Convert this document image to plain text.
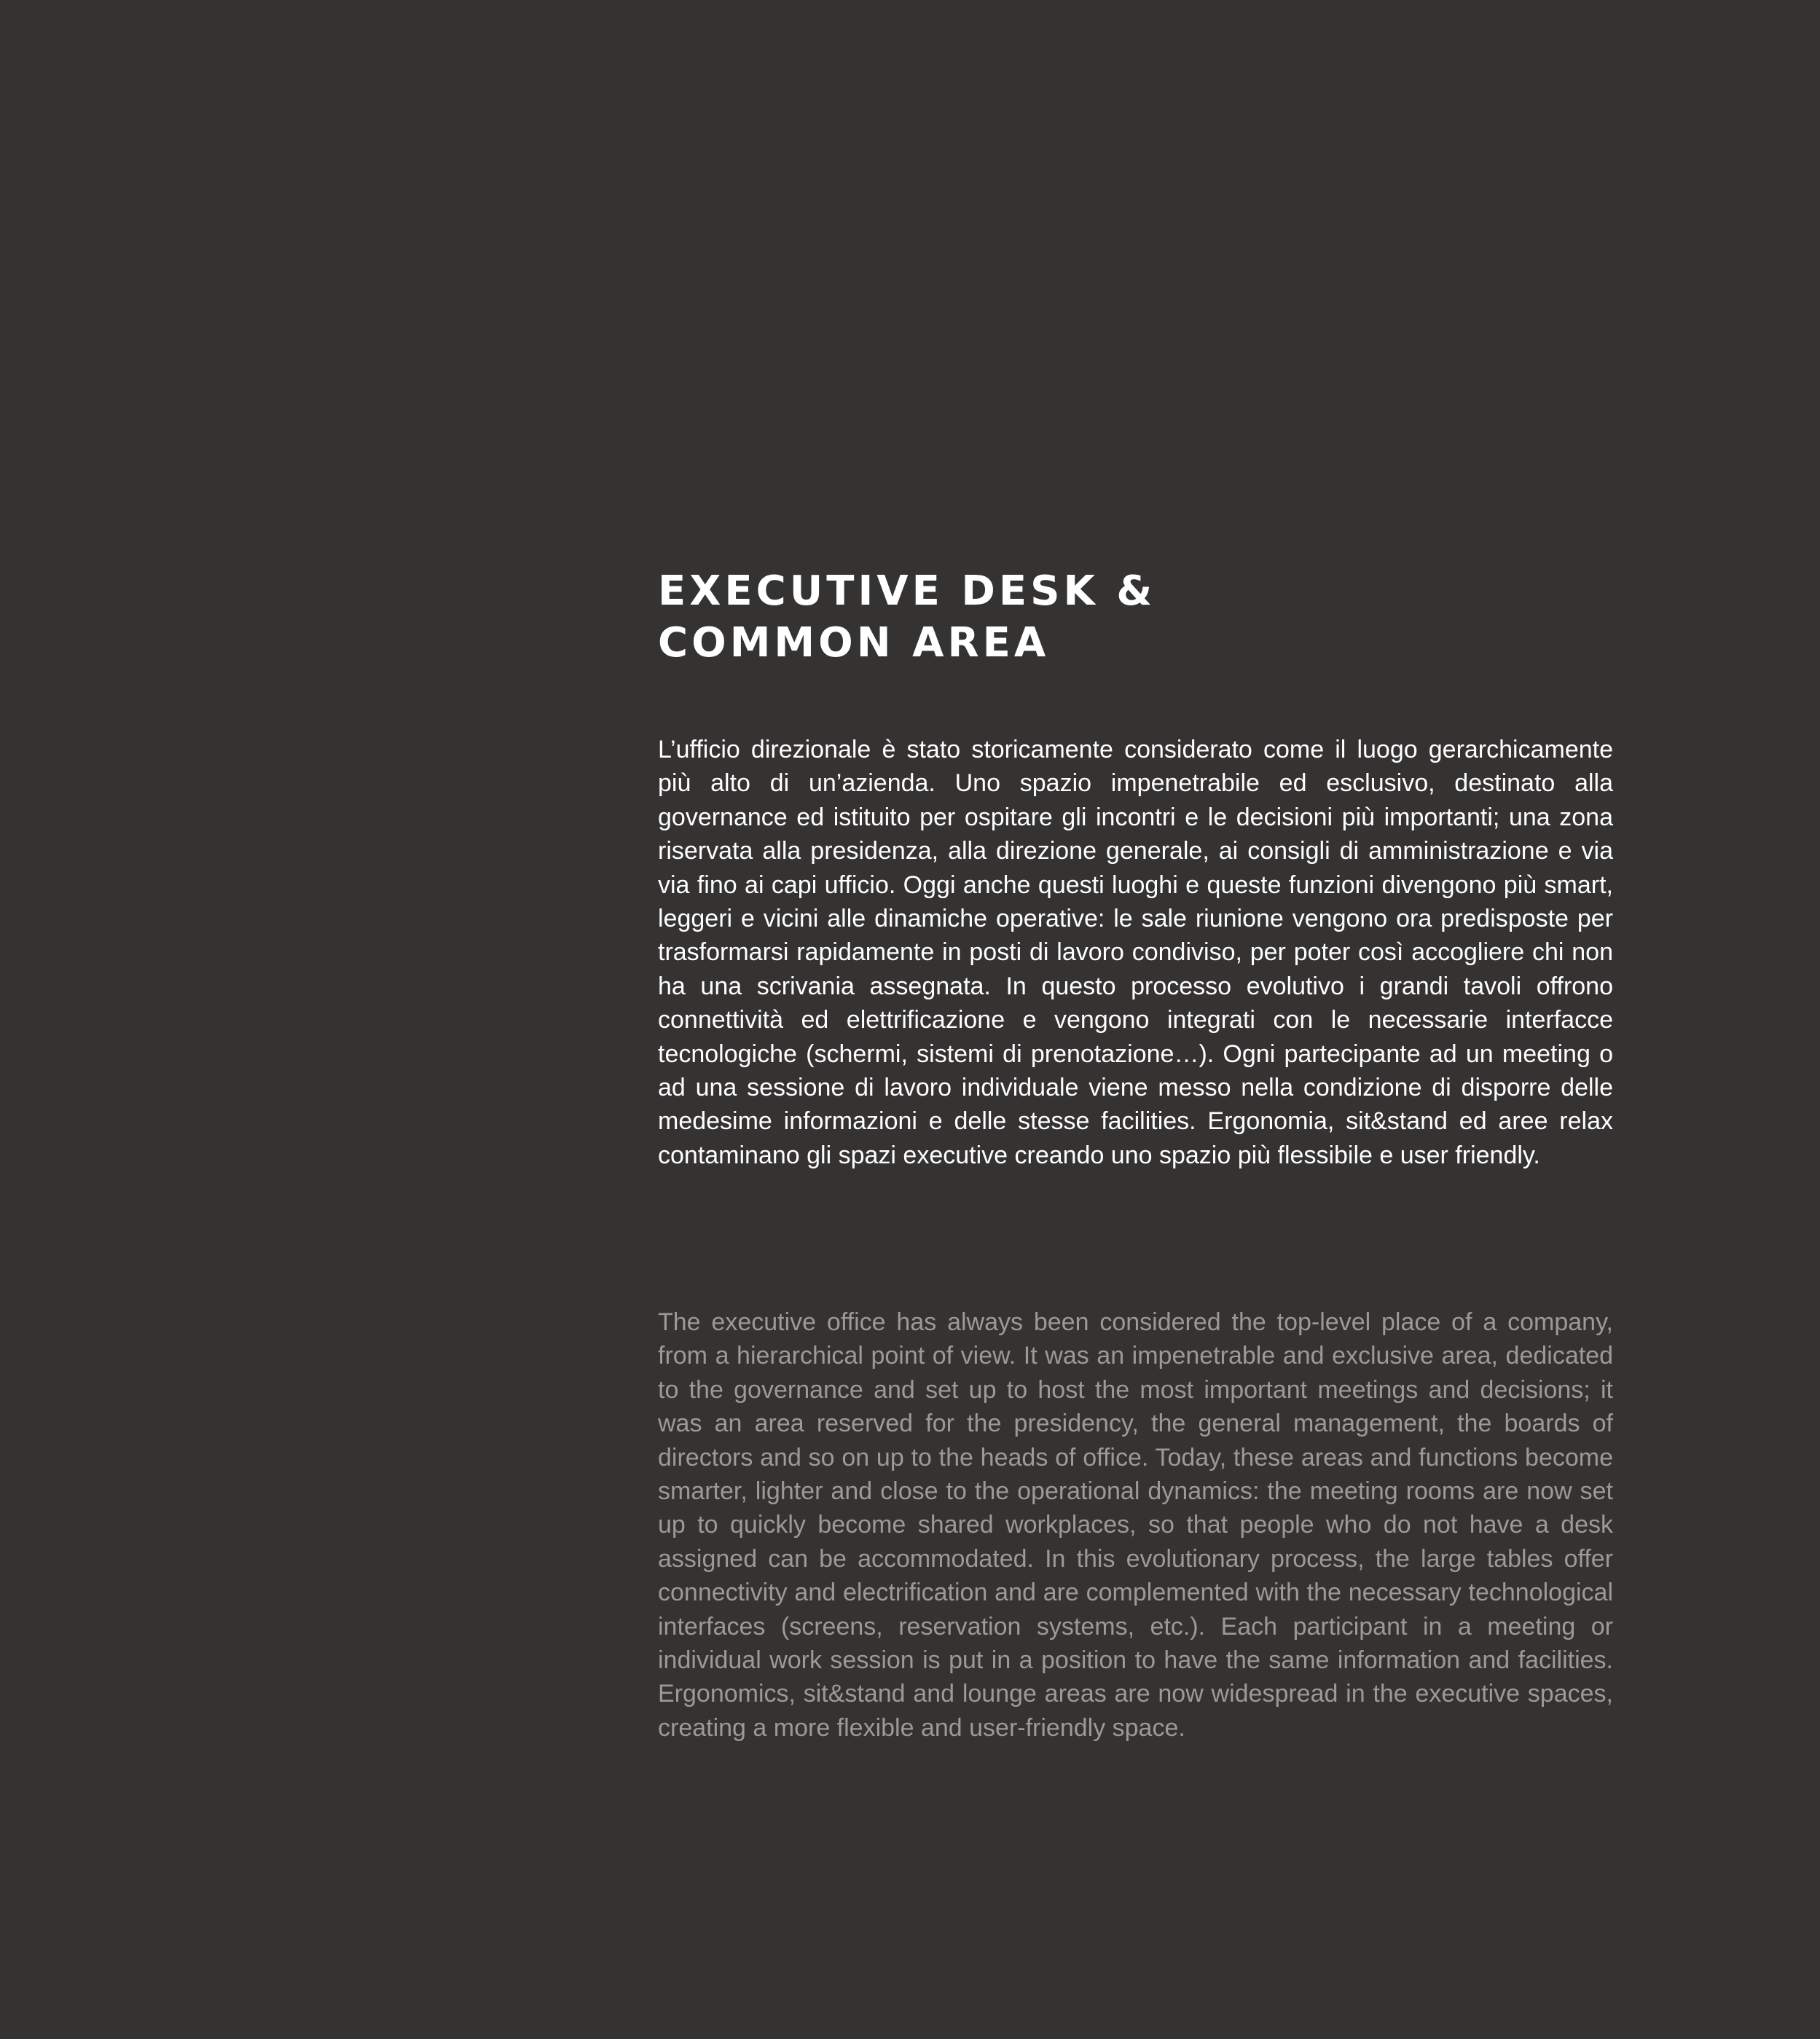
EXECUTIVE DESK &
COMMON AREA

L’ufficio direzionale è stato storicamente considerato come il luogo gerarchicamente più alto di un’azienda. Uno spazio impenetrabile ed esclusivo, destinato alla governance ed istituito per ospitare gli incontri e le decisioni più importanti; una zona riservata alla presidenza, alla direzione generale, ai consigli di amministrazione e via via fino ai capi ufficio. Oggi anche questi luoghi e queste funzioni divengono più smart, leggeri e vicini alle dinamiche operative: le sale riunione vengono ora predisposte per trasformarsi rapidamente in posti di lavoro condiviso, per poter così accogliere chi non ha una scrivania assegnata. In questo processo evolutivo i grandi tavoli offrono connettività ed elettrificazione e vengono integrati con le necessarie interfacce tecnologiche (schermi, sistemi di prenotazione…). Ogni partecipante ad un meeting o ad una sessione di lavoro individuale viene messo nella condizione di disporre delle medesime informazioni e delle stesse facilities. Ergonomia, sit&stand ed aree relax contaminano gli spazi executive creando uno spazio più flessibile e user friendly.

The executive office has always been considered the top-level place of a company, from a hierarchical point of view. It was an impenetrable and exclusive area, dedicated to the governance and set up to host the most important meetings and decisions; it was an area reserved for the presidency, the general management, the boards of directors and so on up to the heads of office. Today, these areas and functions become smarter, lighter and close to the operational dynamics: the meeting rooms are now set up to quickly become shared workplaces, so that people who do not have a desk assigned can be accommodated. In this evolutionary process, the large tables offer connectivity and electrification and are complemented with the necessary technological interfaces (screens, reservation systems, etc.). Each participant in a meeting or individual work session is put in a position to have the same information and facilities. Ergonomics, sit&stand and lounge areas are now widespread in the executive spaces, creating a more flexible and user-friendly space.
